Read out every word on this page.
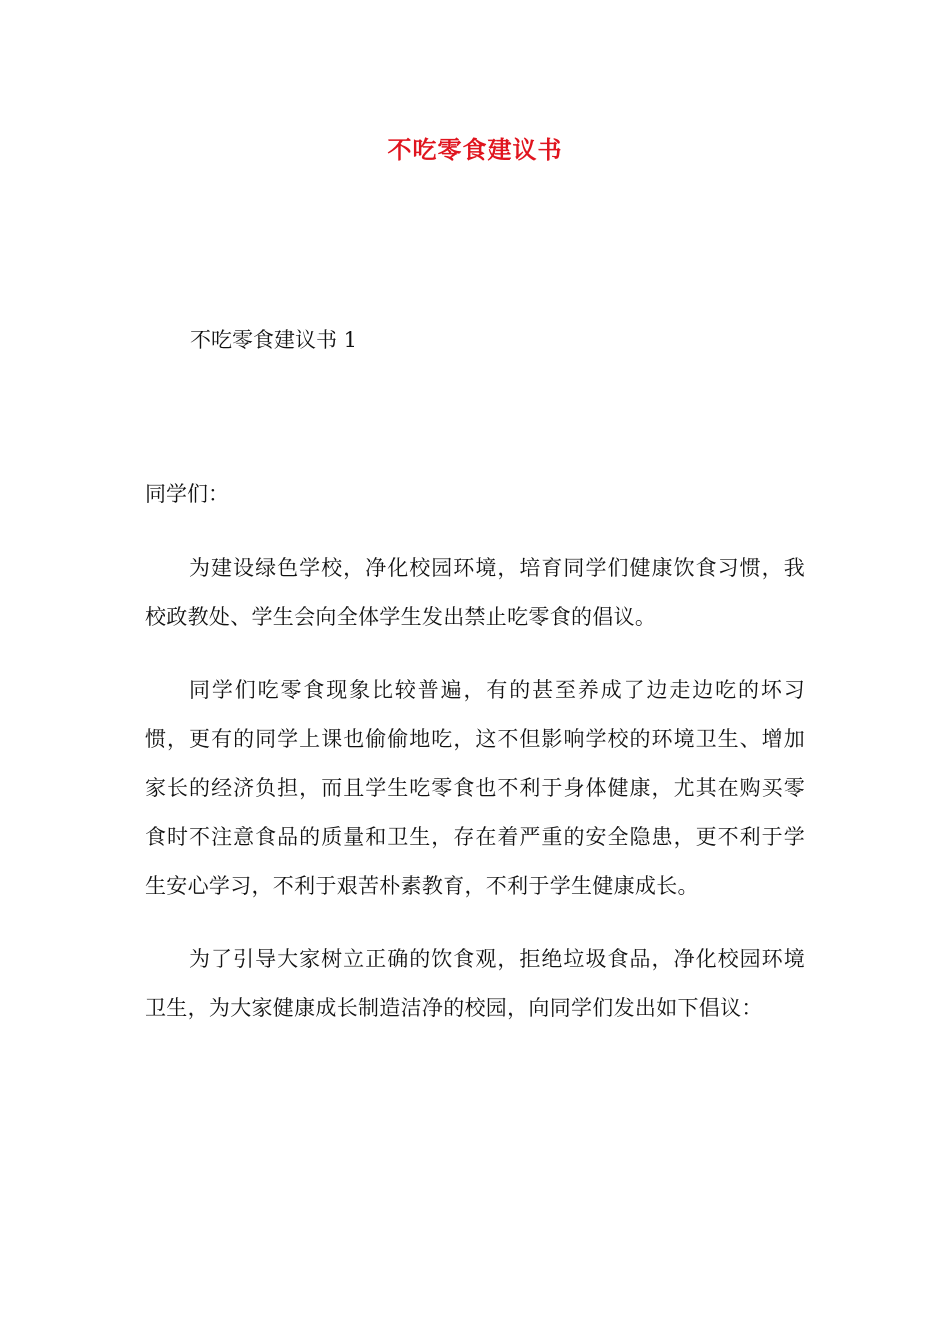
不吃零食建议书
不吃零食建议书 1
同学们：

为建设绿色学校，净化校园环境，培育同学们健康饮食习惯，我校政教处、学生会向全体学生发出禁止吃零食的倡议。

同学们吃零食现象比较普遍，有的甚至养成了边走边吃的坏习惯，更有的同学上课也偷偷地吃，这不但影响学校的环境卫生、增加家长的经济负担，而且学生吃零食也不利于身体健康，尤其在购买零食时不注意食品的质量和卫生，存在着严重的安全隐患，更不利于学生安心学习，不利于艰苦朴素教育，不利于学生健康成长。

为了引导大家树立正确的饮食观，拒绝垃圾食品，净化校园环境卫生，为大家健康成长制造洁净的校园，向同学们发出如下倡议：
